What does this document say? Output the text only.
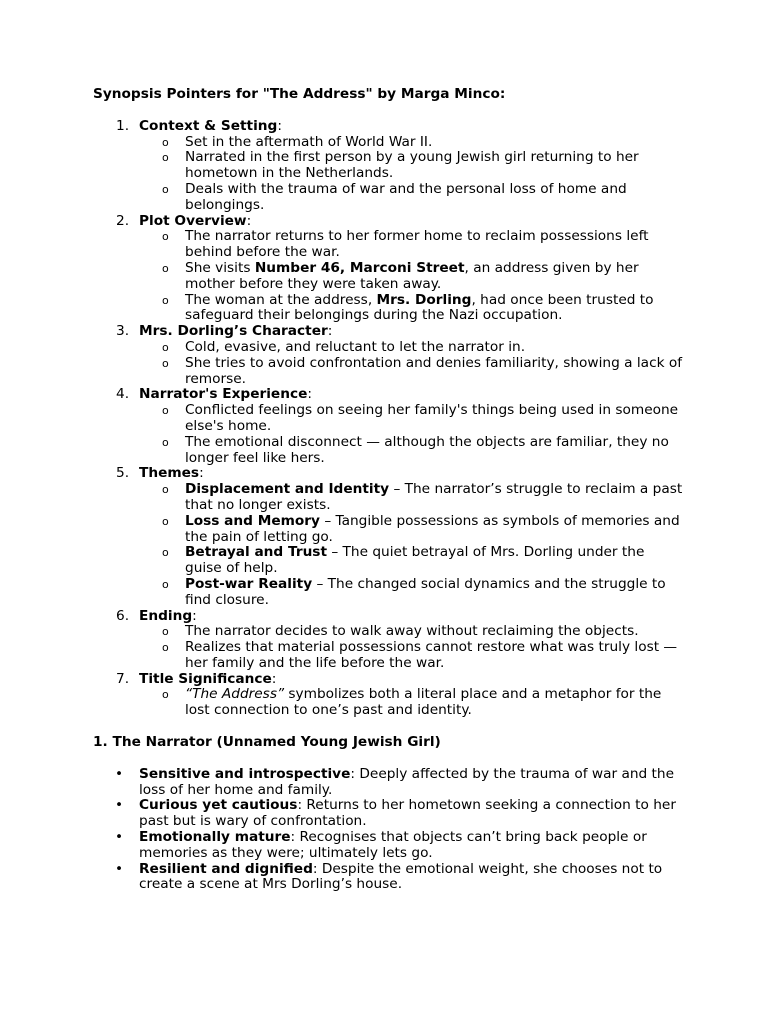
Synopsis Pointers for "The Address" by Marga Minco:

1. Context & Setting:
o Set in the aftermath of World War II.
o Narrated in the first person by a young Jewish girl returning to her hometown in the Netherlands.
o Deals with the trauma of war and the personal loss of home and belongings.
2. Plot Overview:
o The narrator returns to her former home to reclaim possessions left behind before the war.
o She visits Number 46, Marconi Street, an address given by her mother before they were taken away.
o The woman at the address, Mrs. Dorling, had once been trusted to safeguard their belongings during the Nazi occupation.
3. Mrs. Dorling’s Character:
o Cold, evasive, and reluctant to let the narrator in.
o She tries to avoid confrontation and denies familiarity, showing a lack of remorse.
4. Narrator's Experience:
o Conflicted feelings on seeing her family's things being used in someone else's home.
o The emotional disconnect — although the objects are familiar, they no longer feel like hers.
5. Themes:
o Displacement and Identity – The narrator’s struggle to reclaim a past that no longer exists.
o Loss and Memory – Tangible possessions as symbols of memories and the pain of letting go.
o Betrayal and Trust – The quiet betrayal of Mrs. Dorling under the guise of help.
o Post-war Reality – The changed social dynamics and the struggle to find closure.
6. Ending:
o The narrator decides to walk away without reclaiming the objects.
o Realizes that material possessions cannot restore what was truly lost — her family and the life before the war.
7. Title Significance:
o “The Address” symbolizes both a literal place and a metaphor for the lost connection to one’s past and identity.

1. The Narrator (Unnamed Young Jewish Girl)

• Sensitive and introspective: Deeply affected by the trauma of war and the loss of her home and family.
• Curious yet cautious: Returns to her hometown seeking a connection to her past but is wary of confrontation.
• Emotionally mature: Recognises that objects can’t bring back people or memories as they were; ultimately lets go.
• Resilient and dignified: Despite the emotional weight, she chooses not to create a scene at Mrs Dorling’s house.
